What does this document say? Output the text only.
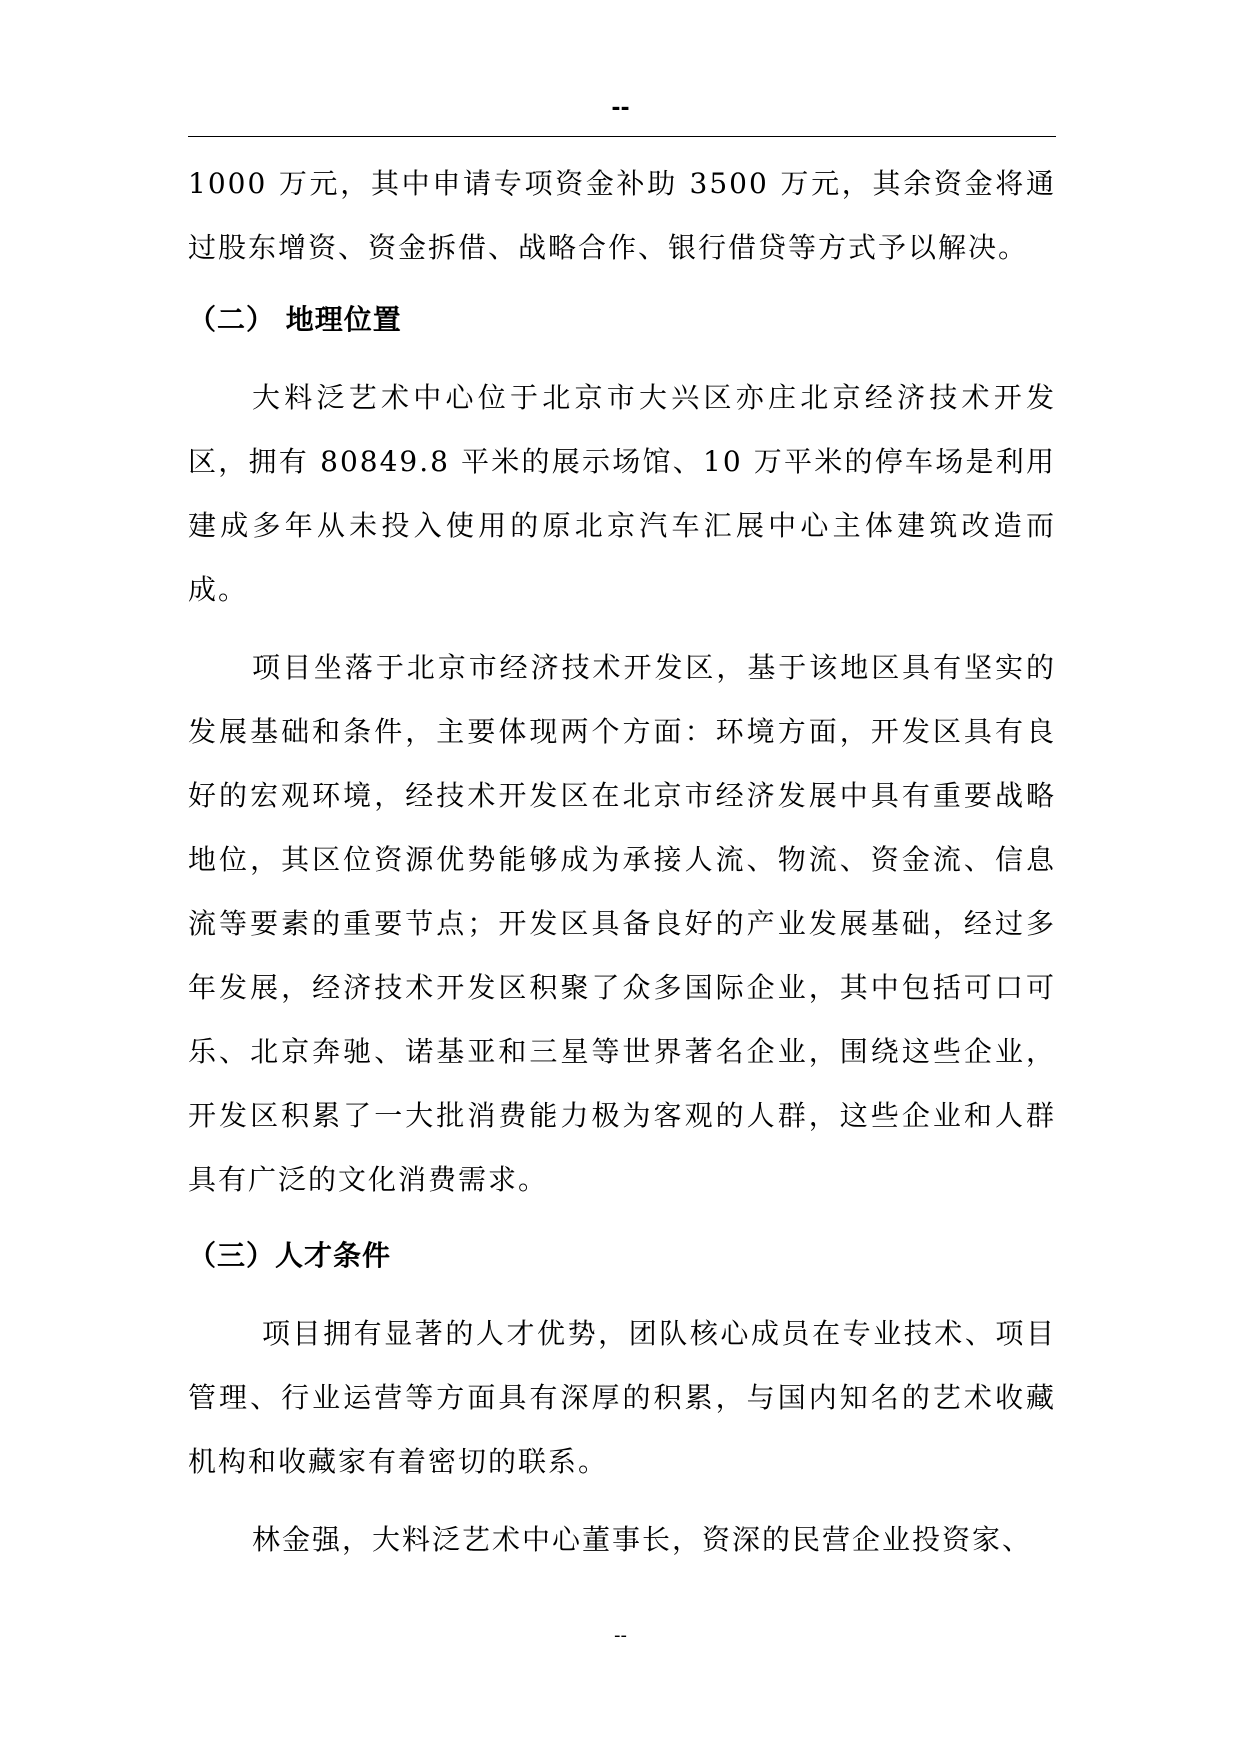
--

1000 万元，其中申请专项资金补助 3500 万元，其余资金将通过股东增资、资金拆借、战略合作、银行借贷等方式予以解决。

（二） 地理位置

大料泛艺术中心位于北京市大兴区亦庄北京经济技术开发区，拥有 80849.8 平米的展示场馆、10 万平米的停车场是利用建成多年从未投入使用的原北京汽车汇展中心主体建筑改造而成。

项目坐落于北京市经济技术开发区，基于该地区具有坚实的发展基础和条件，主要体现两个方面：环境方面，开发区具有良好的宏观环境，经技术开发区在北京市经济发展中具有重要战略地位，其区位资源优势能够成为承接人流、物流、资金流、信息流等要素的重要节点；开发区具备良好的产业发展基础，经过多年发展，经济技术开发区积聚了众多国际企业，其中包括可口可乐、北京奔驰、诺基亚和三星等世界著名企业，围绕这些企业，开发区积累了一大批消费能力极为客观的人群，这些企业和人群具有广泛的文化消费需求。

（三）人才条件

项目拥有显著的人才优势，团队核心成员在专业技术、项目管理、行业运营等方面具有深厚的积累，与国内知名的艺术收藏机构和收藏家有着密切的联系。

林金强，大料泛艺术中心董事长，资深的民营企业投资家、

--
